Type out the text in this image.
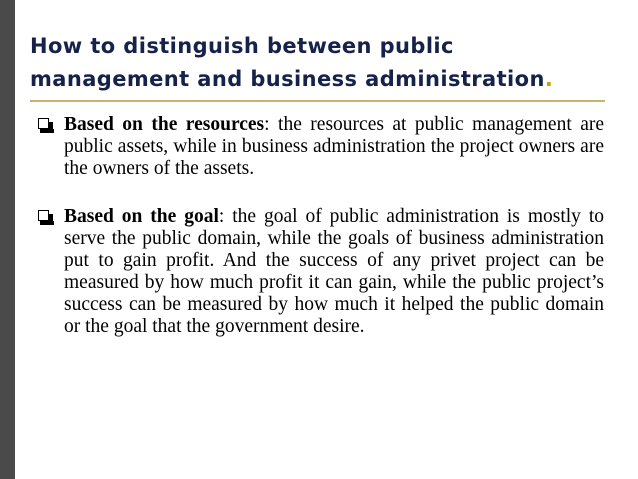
How to distinguish between public
management and business administration.
Based on the resources: the resources at public management are public assets, while in business administration the project owners are the owners of the assets.
Based on the goal: the goal of public administration is mostly to serve the public domain, while the goals of business administration put to gain profit. And the success of any privet project can be measured by how much profit it can gain, while the public project’s success can be measured by how much it helped the public domain or the goal that the government desire.
